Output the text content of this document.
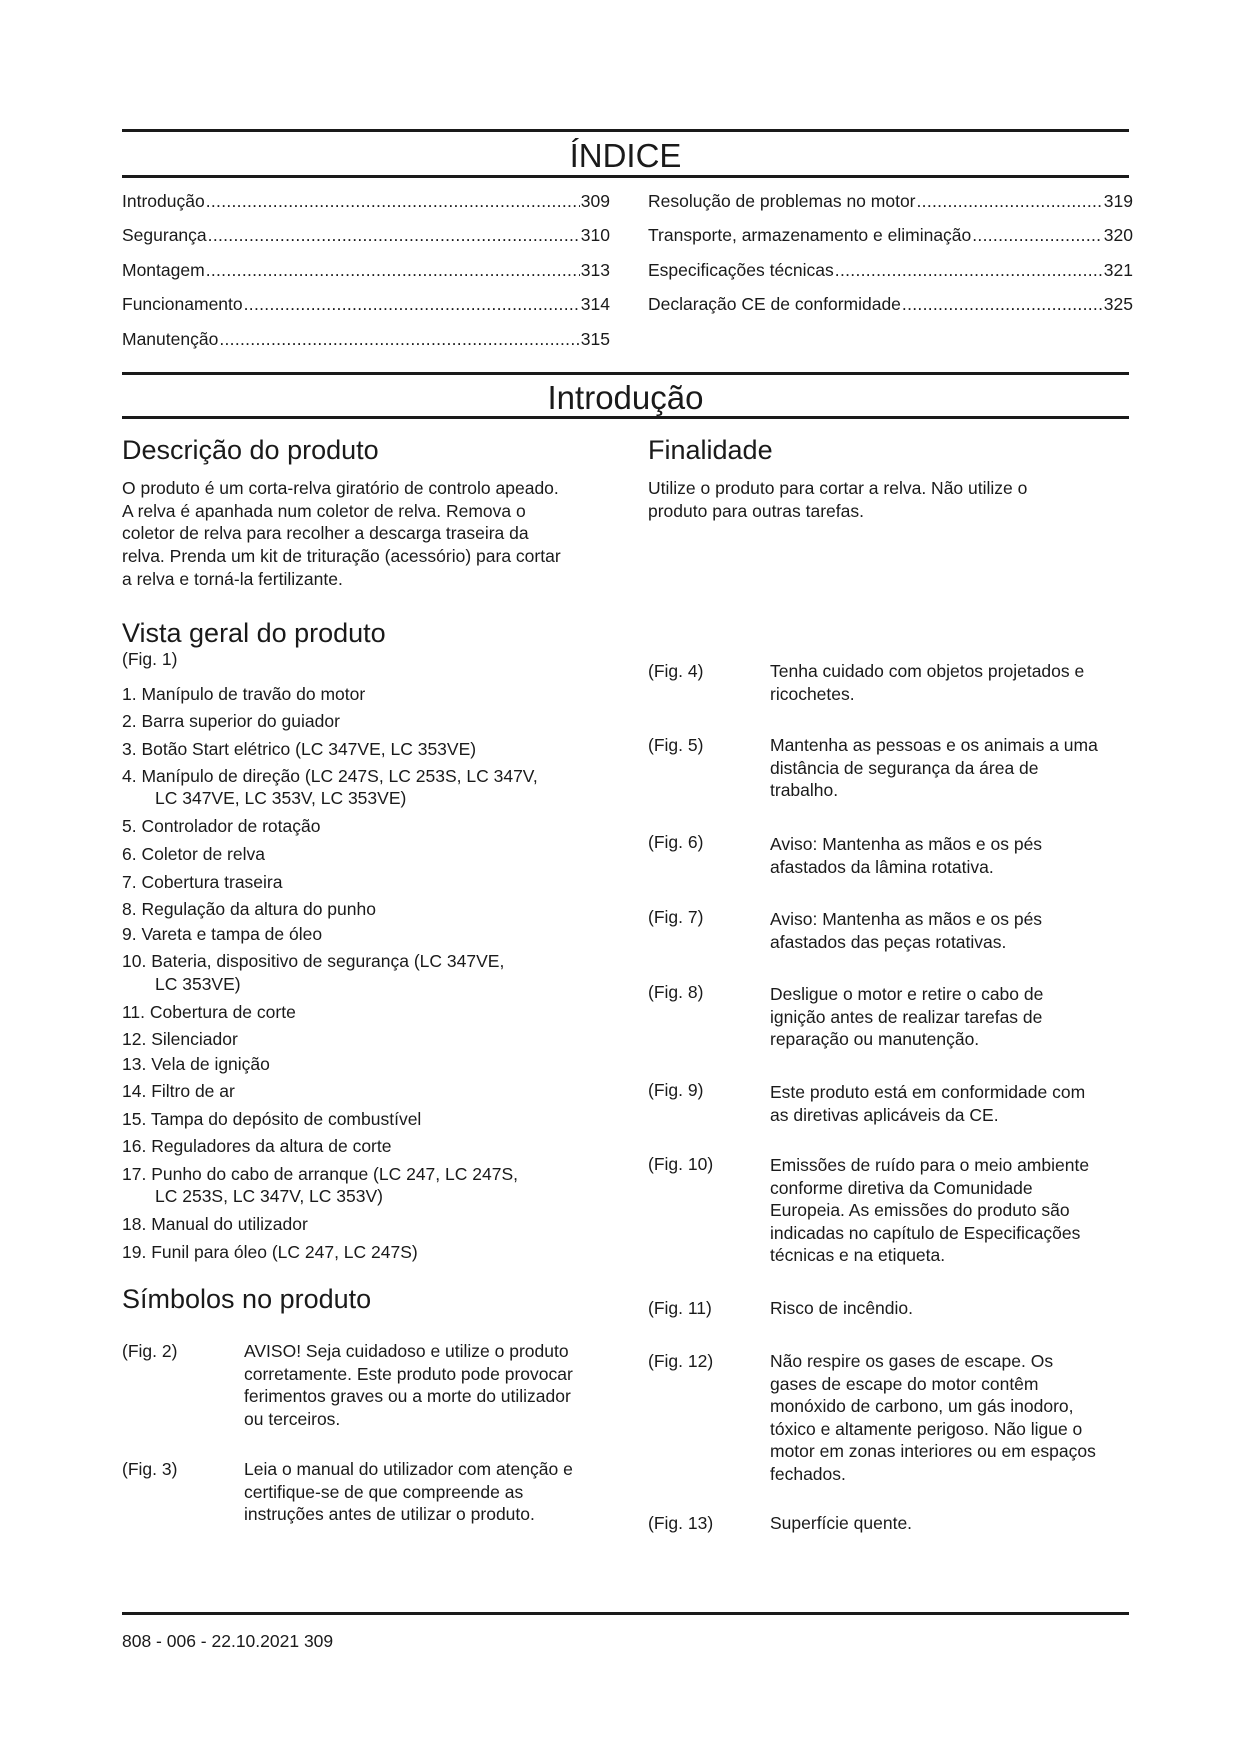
ÍNDICE
Introdução .....	309
Segurança .....	310
Montagem .....	313
Funcionamento .....	314
Manutenção .....	315
Resolução de problemas no motor .....	319
Transporte, armazenamento e eliminação .....	320
Especificações técnicas .....	321
Declaração CE de conformidade .....	325
Introdução
Descrição do produto
O produto é um corta-relva giratório de controlo apeado.
A relva é apanhada num coletor de relva. Remova o
coletor de relva para recolher a descarga traseira da
relva. Prenda um kit de trituração (acessório) para cortar
a relva e torná-la fertilizante.
Finalidade
Utilize o produto para cortar a relva. Não utilize o
produto para outras tarefas.
Vista geral do produto
(Fig. 1)
1. Manípulo de travão do motor
2. Barra superior do guiador
3. Botão Start elétrico (LC 347VE, LC 353VE)
4. Manípulo de direção (LC 247S, LC 253S, LC 347V,
LC 347VE, LC 353V, LC 353VE)
5. Controlador de rotação
6. Coletor de relva
7. Cobertura traseira
8. Regulação da altura do punho
9. Vareta e tampa de óleo
10. Bateria, dispositivo de segurança (LC 347VE,
LC 353VE)
11. Cobertura de corte
12. Silenciador
13. Vela de ignição
14. Filtro de ar
15. Tampa do depósito de combustível
16. Reguladores da altura de corte
17. Punho do cabo de arranque (LC 247, LC 247S,
LC 253S, LC 347V, LC 353V)
18. Manual do utilizador
19. Funil para óleo (LC 247, LC 247S)
Símbolos no produto
(Fig. 2)	AVISO! Seja cuidadoso e utilize o produto
corretamente. Este produto pode provocar
ferimentos graves ou a morte do utilizador
ou terceiros.
(Fig. 3)	Leia o manual do utilizador com atenção e
certifique-se de que compreende as
instruções antes de utilizar o produto.
(Fig. 4)	Tenha cuidado com objetos projetados e
ricochetes.
(Fig. 5)	Mantenha as pessoas e os animais a uma
distância de segurança da área de
trabalho.
(Fig. 6)	Aviso: Mantenha as mãos e os pés
afastados da lâmina rotativa.
(Fig. 7)	Aviso: Mantenha as mãos e os pés
afastados das peças rotativas.
(Fig. 8)	Desligue o motor e retire o cabo de
ignição antes de realizar tarefas de
reparação ou manutenção.
(Fig. 9)	Este produto está em conformidade com
as diretivas aplicáveis da CE.
(Fig. 10)	Emissões de ruído para o meio ambiente
conforme diretiva da Comunidade
Europeia. As emissões do produto são
indicadas no capítulo de Especificações
técnicas e na etiqueta.
(Fig. 11)	Risco de incêndio.
(Fig. 12)	Não respire os gases de escape. Os
gases de escape do motor contêm
monóxido de carbono, um gás inodoro,
tóxico e altamente perigoso. Não ligue o
motor em zonas interiores ou em espaços
fechados.
(Fig. 13)	Superfície quente.
808 - 006 - 22.10.2021 309
